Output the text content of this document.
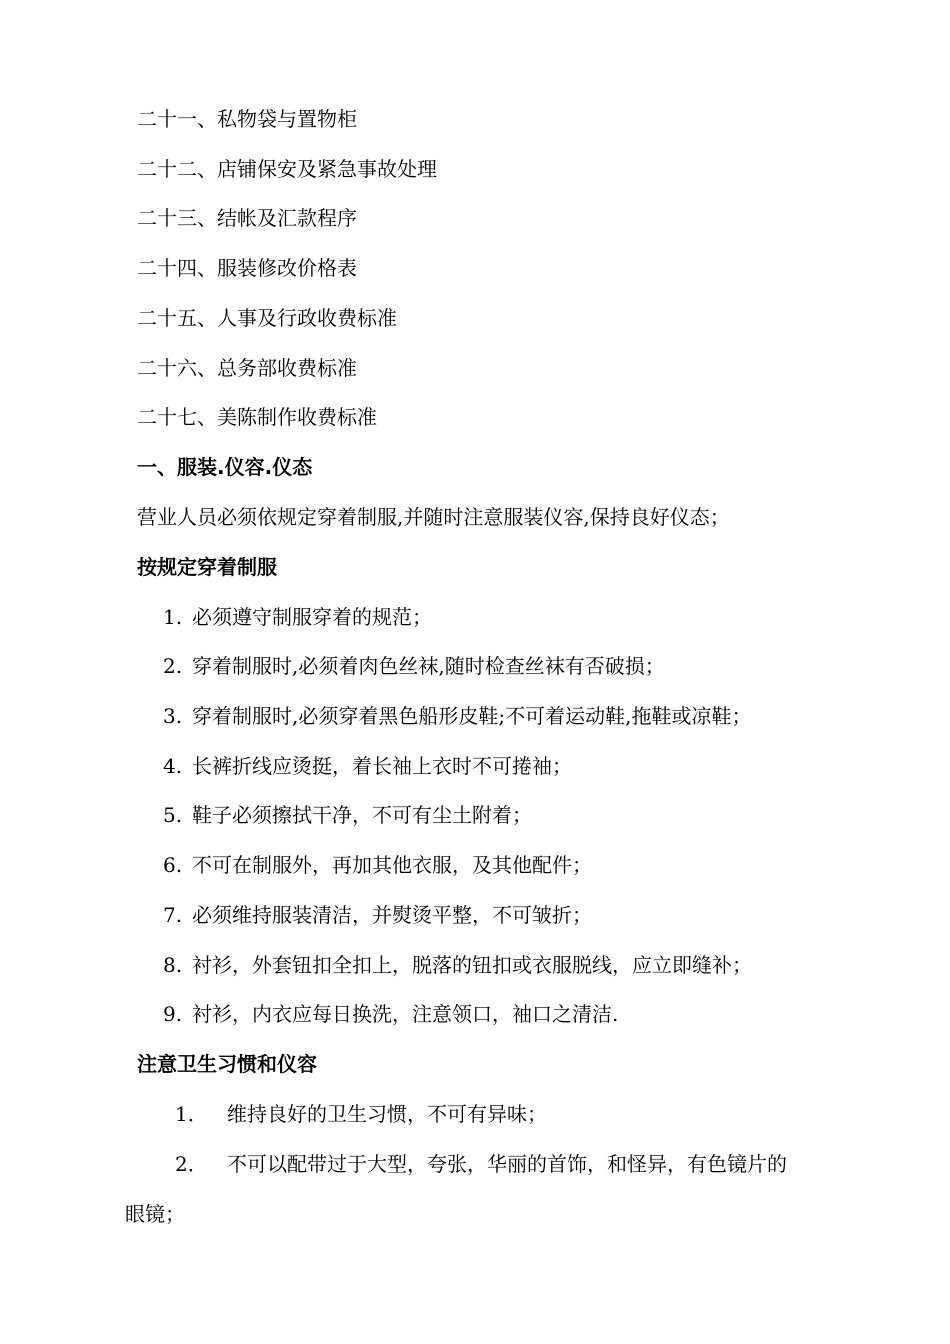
二十一、私物袋与置物柜
二十二、店铺保安及紧急事故处理
二十三、结帐及汇款程序
二十四、服装修改价格表
二十五、人事及行政收费标准
二十六、总务部收费标准
二十七、美陈制作收费标准
一、服装.仪容.仪态
营业人员必须依规定穿着制服,并随时注意服装仪容,保持良好仪态；
按规定穿着制服
1. 必须遵守制服穿着的规范；
2. 穿着制服时,必须着肉色丝袜,随时检查丝袜有否破损；
3. 穿着制服时,必须穿着黑色船形皮鞋;不可着运动鞋,拖鞋或凉鞋；
4. 长裤折线应烫挺，着长袖上衣时不可捲袖；
5. 鞋子必须擦拭干净，不可有尘土附着；
6. 不可在制服外，再加其他衣服，及其他配件；
7. 必须维持服装清洁，并熨烫平整，不可皱折；
8. 衬衫，外套钮扣全扣上，脱落的钮扣或衣服脱线，应立即缝补；
9. 衬衫，内衣应每日换洗，注意领口，袖口之清洁.
注意卫生习惯和仪容
1． 维持良好的卫生习惯，不可有异味；
2． 不可以配带过于大型，夸张，华丽的首饰，和怪异，有色镜片的
眼镜；
